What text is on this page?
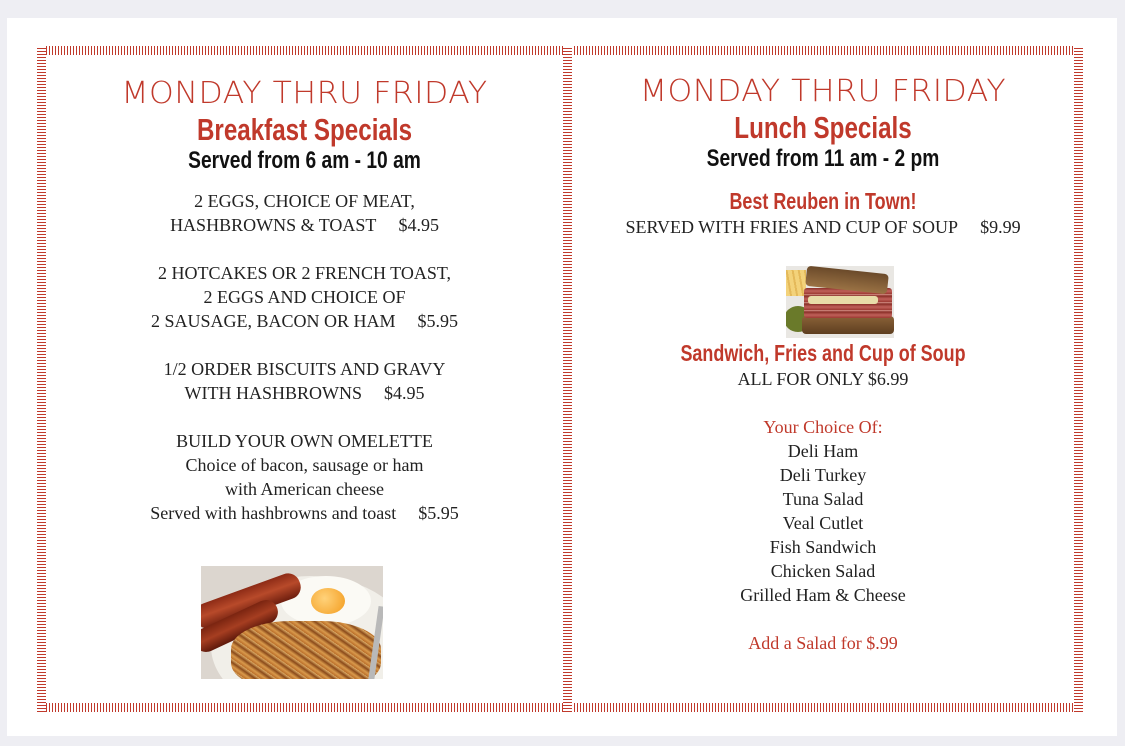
MONDAY THRU FRIDAY

Breakfast Specials

Served from 6 am - 10 am

2 EGGS, CHOICE OF MEAT,
HASHBROWNS & TOAST $4.95
2 HOTCAKES OR 2 FRENCH TOAST,
2 EGGS AND CHOICE OF
2 SAUSAGE, BACON OR HAM $5.95
1/2 ORDER BISCUITS AND GRAVY
WITH HASHBROWNS $4.95
BUILD YOUR OWN OMELETTE
Choice of bacon, sausage or ham
with American cheese
Served with hashbrowns and toast $5.95

MONDAY THRU FRIDAY

Lunch Specials

Served from 11 am - 2 pm

Best Reuben in Town!
SERVED WITH FRIES AND CUP OF SOUP $9.99
Sandwich, Fries and Cup of Soup
ALL FOR ONLY $6.99
Your Choice Of:
Deli Ham
Deli Turkey
Tuna Salad
Veal Cutlet
Fish Sandwich
Chicken Salad
Grilled Ham & Cheese
Add a Salad for $.99
